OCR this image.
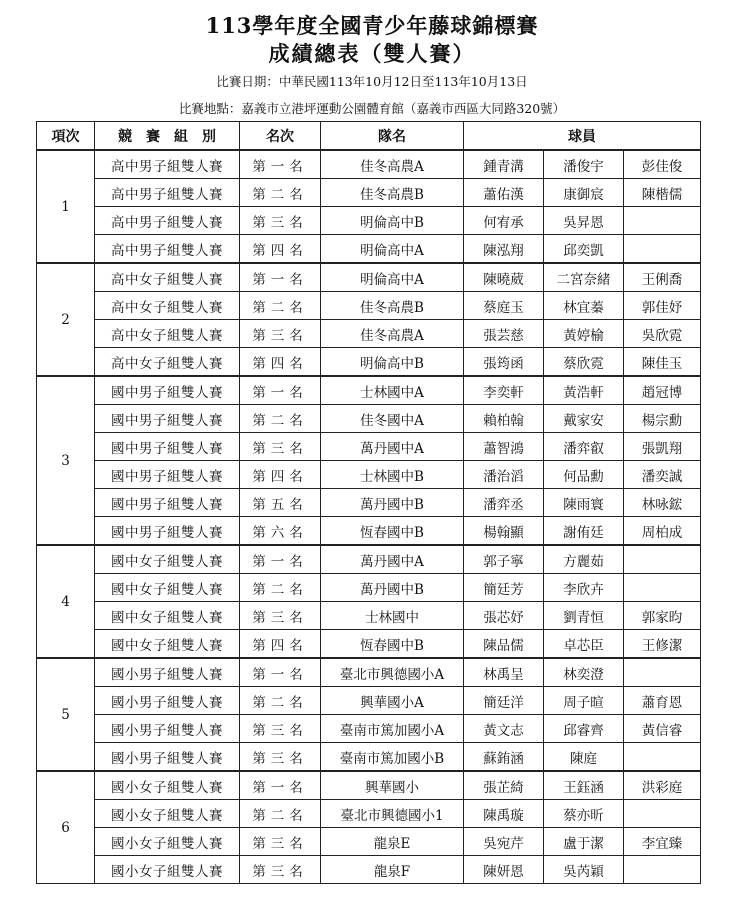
113學年度全國青少年藤球錦標賽
成績總表（雙人賽）
比賽日期：中華民國113年10月12日至113年10月13日
比賽地點：嘉義市立港坪運動公園體育館（嘉義市西區大同路320號）
項次	競　賽　組　別	名次	隊名	球員		
1	高中男子組雙人賽	第一名	佳冬高農A	鍾青溝	潘俊宇	彭佳俊
	高中男子組雙人賽	第二名	佳冬高農B	蕭佑漢	康御宸	陳楷儒
	高中男子組雙人賽	第三名	明倫高中B	何宥承	吳昇恩	
	高中男子組雙人賽	第四名	明倫高中A	陳泓翔	邱奕凱	
2	高中女子組雙人賽	第一名	明倫高中A	陳曉葳	二宮奈緒	王俐喬
	高中女子組雙人賽	第二名	佳冬高農B	蔡庭玉	林宜蓁	郭佳妤
	高中女子組雙人賽	第三名	佳冬高農A	張芸慈	黃婷榆	吳欣霓
	高中女子組雙人賽	第四名	明倫高中B	張筠函	蔡欣霓	陳佳玉
3	國中男子組雙人賽	第一名	士林國中A	李奕軒	黃浩軒	趙冠博
	國中男子組雙人賽	第二名	佳冬國中A	賴柏翰	戴家安	楊宗勳
	國中男子組雙人賽	第三名	萬丹國中A	蕭智鴻	潘弈叡	張凱翔
	國中男子組雙人賽	第四名	士林國中B	潘治滔	何品勳	潘奕誠
	國中男子組雙人賽	第五名	萬丹國中B	潘弈丞	陳雨寰	林咏鋐
	國中男子組雙人賽	第六名	恆春國中B	楊翰顯	謝侑廷	周柏成
4	國中女子組雙人賽	第一名	萬丹國中A	郭子寧	方麗茹	
	國中女子組雙人賽	第二名	萬丹國中B	簡廷芳	李欣卉	
	國中女子組雙人賽	第三名	士林國中	張芯妤	劉青恒	郭家昀
	國中女子組雙人賽	第四名	恆春國中B	陳品儒	卓芯臣	王修潔
5	國小男子組雙人賽	第一名	臺北市興德國小A	林禹呈	林奕澄	
	國小男子組雙人賽	第二名	興華國小A	簡廷洋	周子暄	蕭育恩
	國小男子組雙人賽	第三名	臺南市篤加國小A	黃文志	邱睿齊	黃信睿
	國小男子組雙人賽	第三名	臺南市篤加國小B	蘇銪涵	陳庭	
6	國小女子組雙人賽	第一名	興華國小	張芷綺	王鈺涵	洪彩庭
	國小女子組雙人賽	第二名	臺北市興德國小1	陳禹璇	蔡亦昕	
	國小女子組雙人賽	第三名	龍泉E	吳宛芹	盧于潔	李宜臻
	國小女子組雙人賽	第三名	龍泉F	陳妍恩	吳芮穎	
